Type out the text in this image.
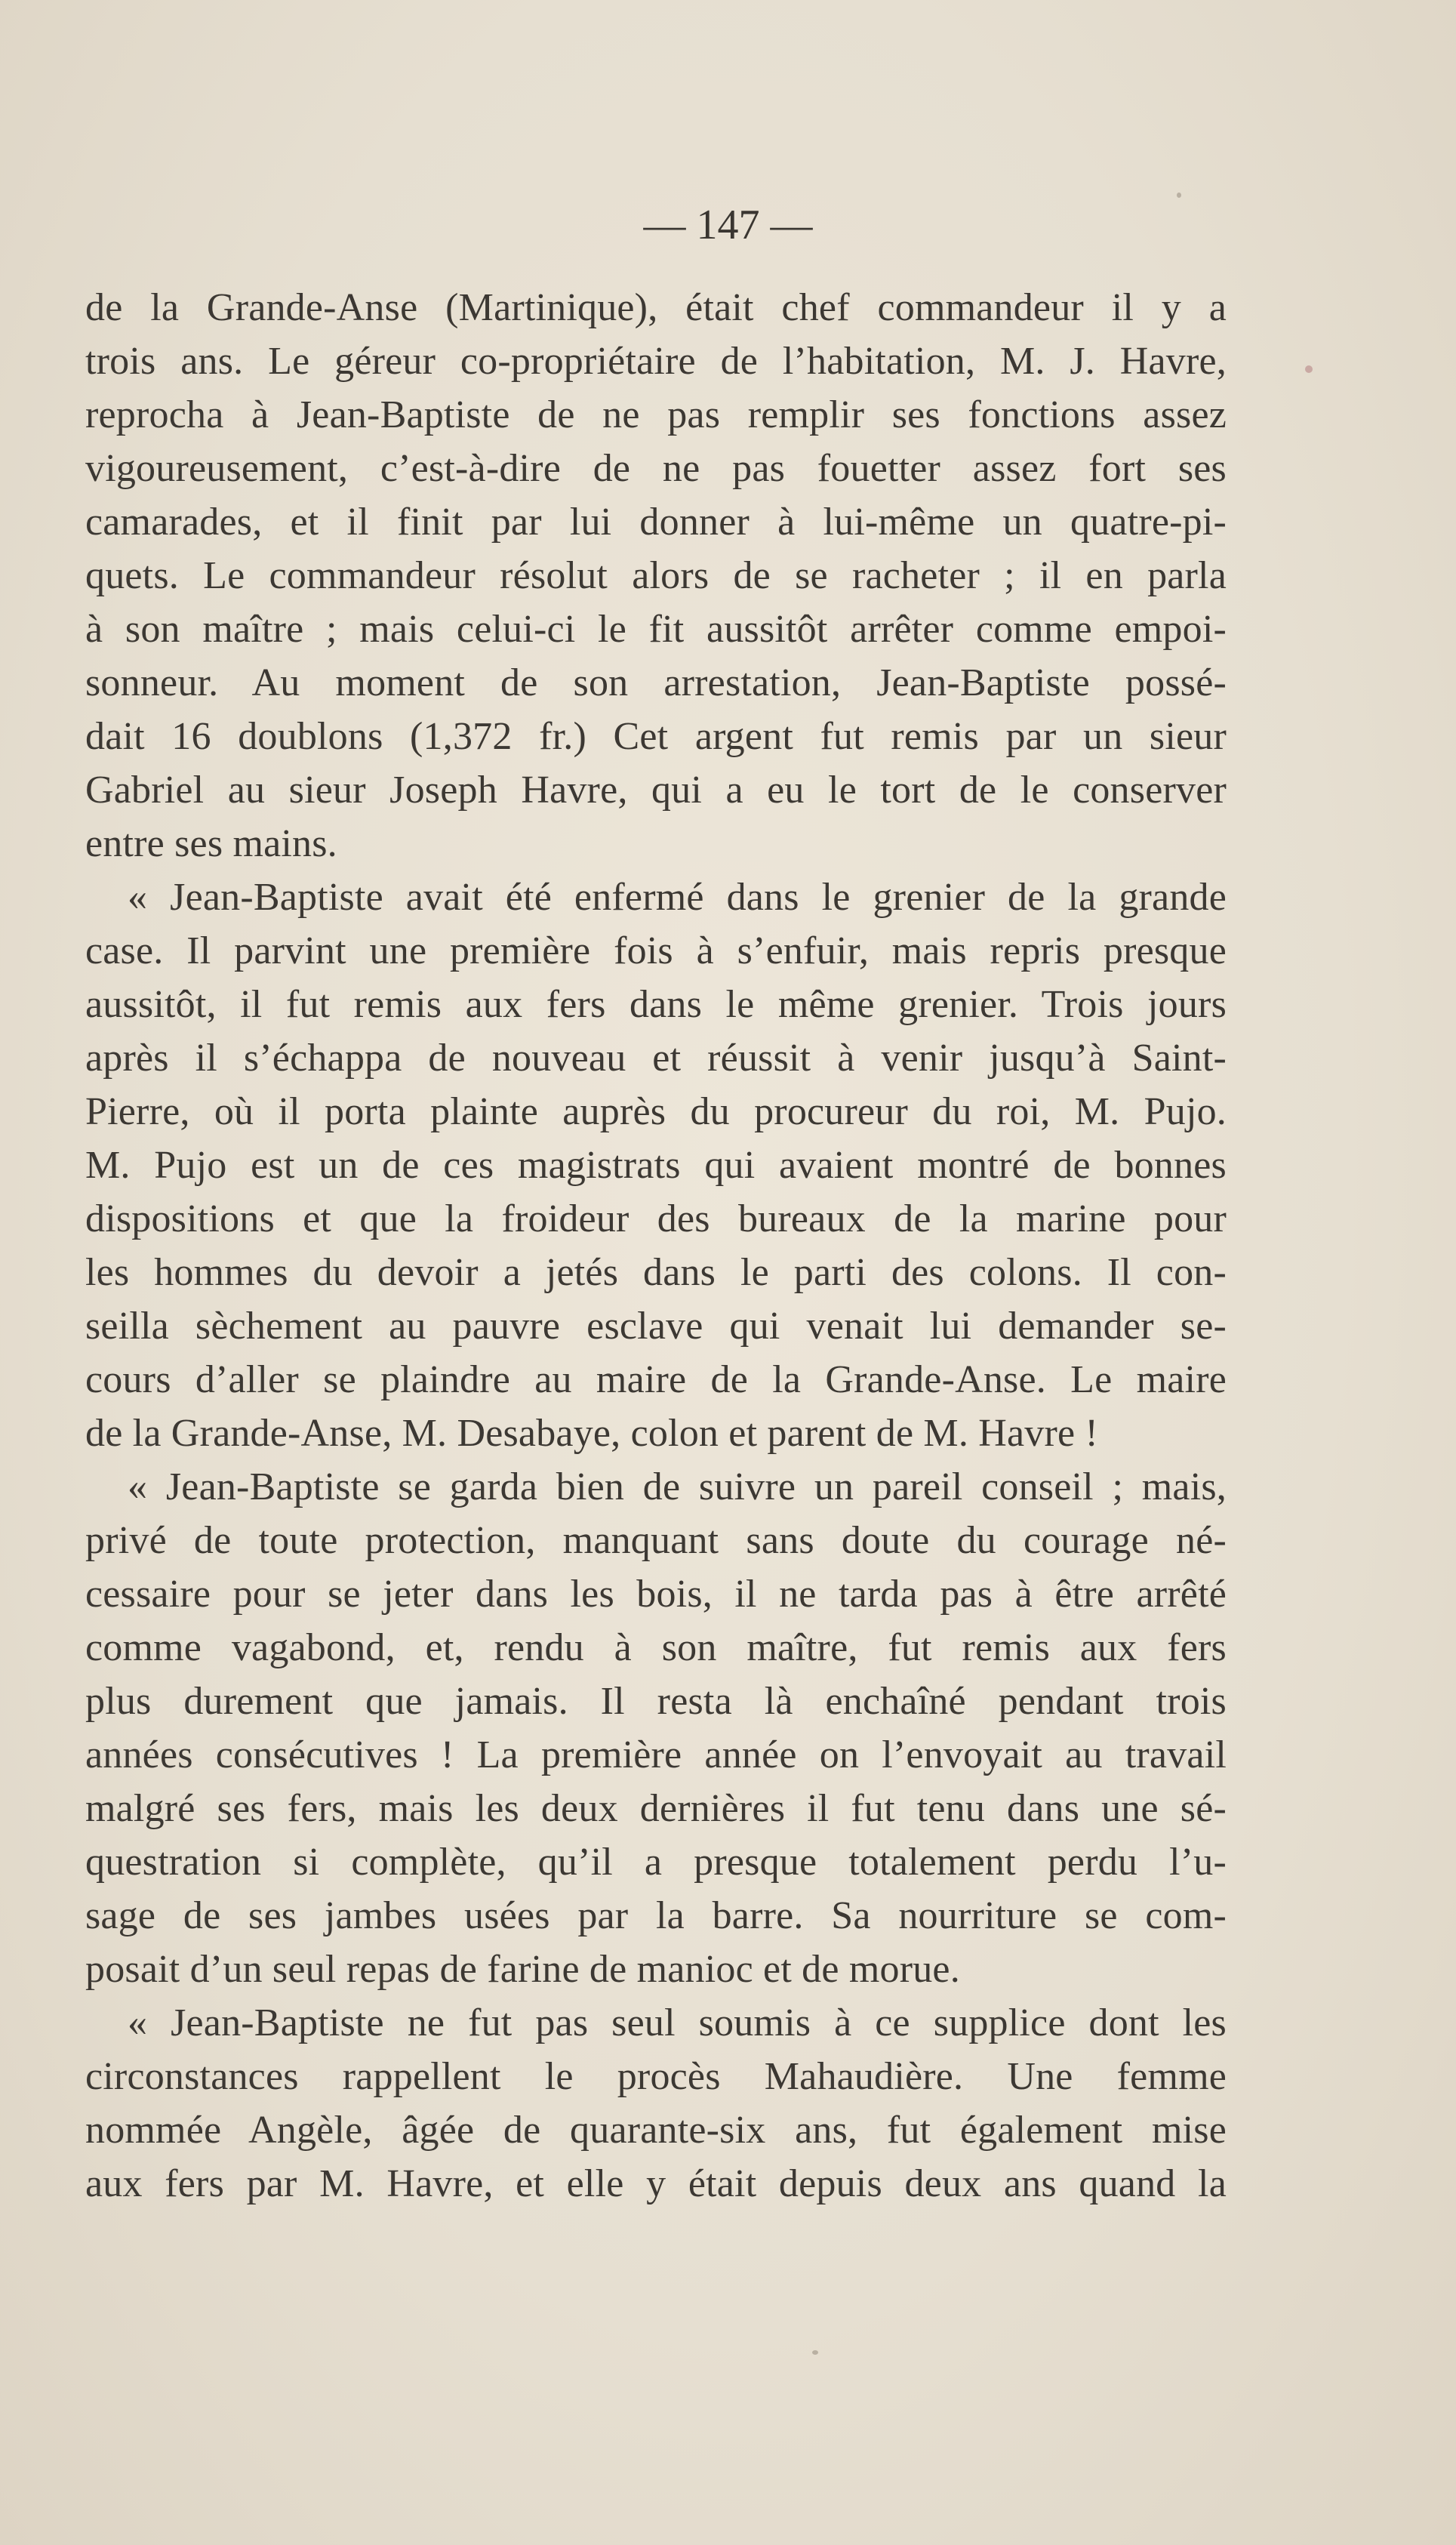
— 147 —
de la Grande-Anse (Martinique), était chef commandeur il y a
trois ans. Le géreur co-propriétaire de l’habitation, M. J. Havre,
reprocha à Jean-Baptiste de ne pas remplir ses fonctions assez
vigoureusement, c’est-à-dire de ne pas fouetter assez fort ses
camarades, et il finit par lui donner à lui-même un quatre-pi-
quets. Le commandeur résolut alors de se racheter ; il en parla
à son maître ; mais celui-ci le fit aussitôt arrêter comme empoi-
sonneur. Au moment de son arrestation, Jean-Baptiste possé-
dait 16 doublons (1,372 fr.) Cet argent fut remis par un sieur
Gabriel au sieur Joseph Havre, qui a eu le tort de le conserver
entre ses mains.
« Jean-Baptiste avait été enfermé dans le grenier de la grande
case. Il parvint une première fois à s’enfuir, mais repris presque
aussitôt, il fut remis aux fers dans le même grenier. Trois jours
après il s’échappa de nouveau et réussit à venir jusqu’à Saint-
Pierre, où il porta plainte auprès du procureur du roi, M. Pujo.
M. Pujo est un de ces magistrats qui avaient montré de bonnes
dispositions et que la froideur des bureaux de la marine pour
les hommes du devoir a jetés dans le parti des colons. Il con-
seilla sèchement au pauvre esclave qui venait lui demander se-
cours d’aller se plaindre au maire de la Grande-Anse. Le maire
de la Grande-Anse, M. Desabaye, colon et parent de M. Havre !
« Jean-Baptiste se garda bien de suivre un pareil conseil ; mais,
privé de toute protection, manquant sans doute du courage né-
cessaire pour se jeter dans les bois, il ne tarda pas à être arrêté
comme vagabond, et, rendu à son maître, fut remis aux fers
plus durement que jamais. Il resta là enchaîné pendant trois
années consécutives ! La première année on l’envoyait au travail
malgré ses fers, mais les deux dernières il fut tenu dans une sé-
questration si complète, qu’il a presque totalement perdu l’u-
sage de ses jambes usées par la barre. Sa nourriture se com-
posait d’un seul repas de farine de manioc et de morue.
« Jean-Baptiste ne fut pas seul soumis à ce supplice dont les
circonstances rappellent le procès Mahaudière. Une femme
nommée Angèle, âgée de quarante-six ans, fut également mise
aux fers par M. Havre, et elle y était depuis deux ans quand la
